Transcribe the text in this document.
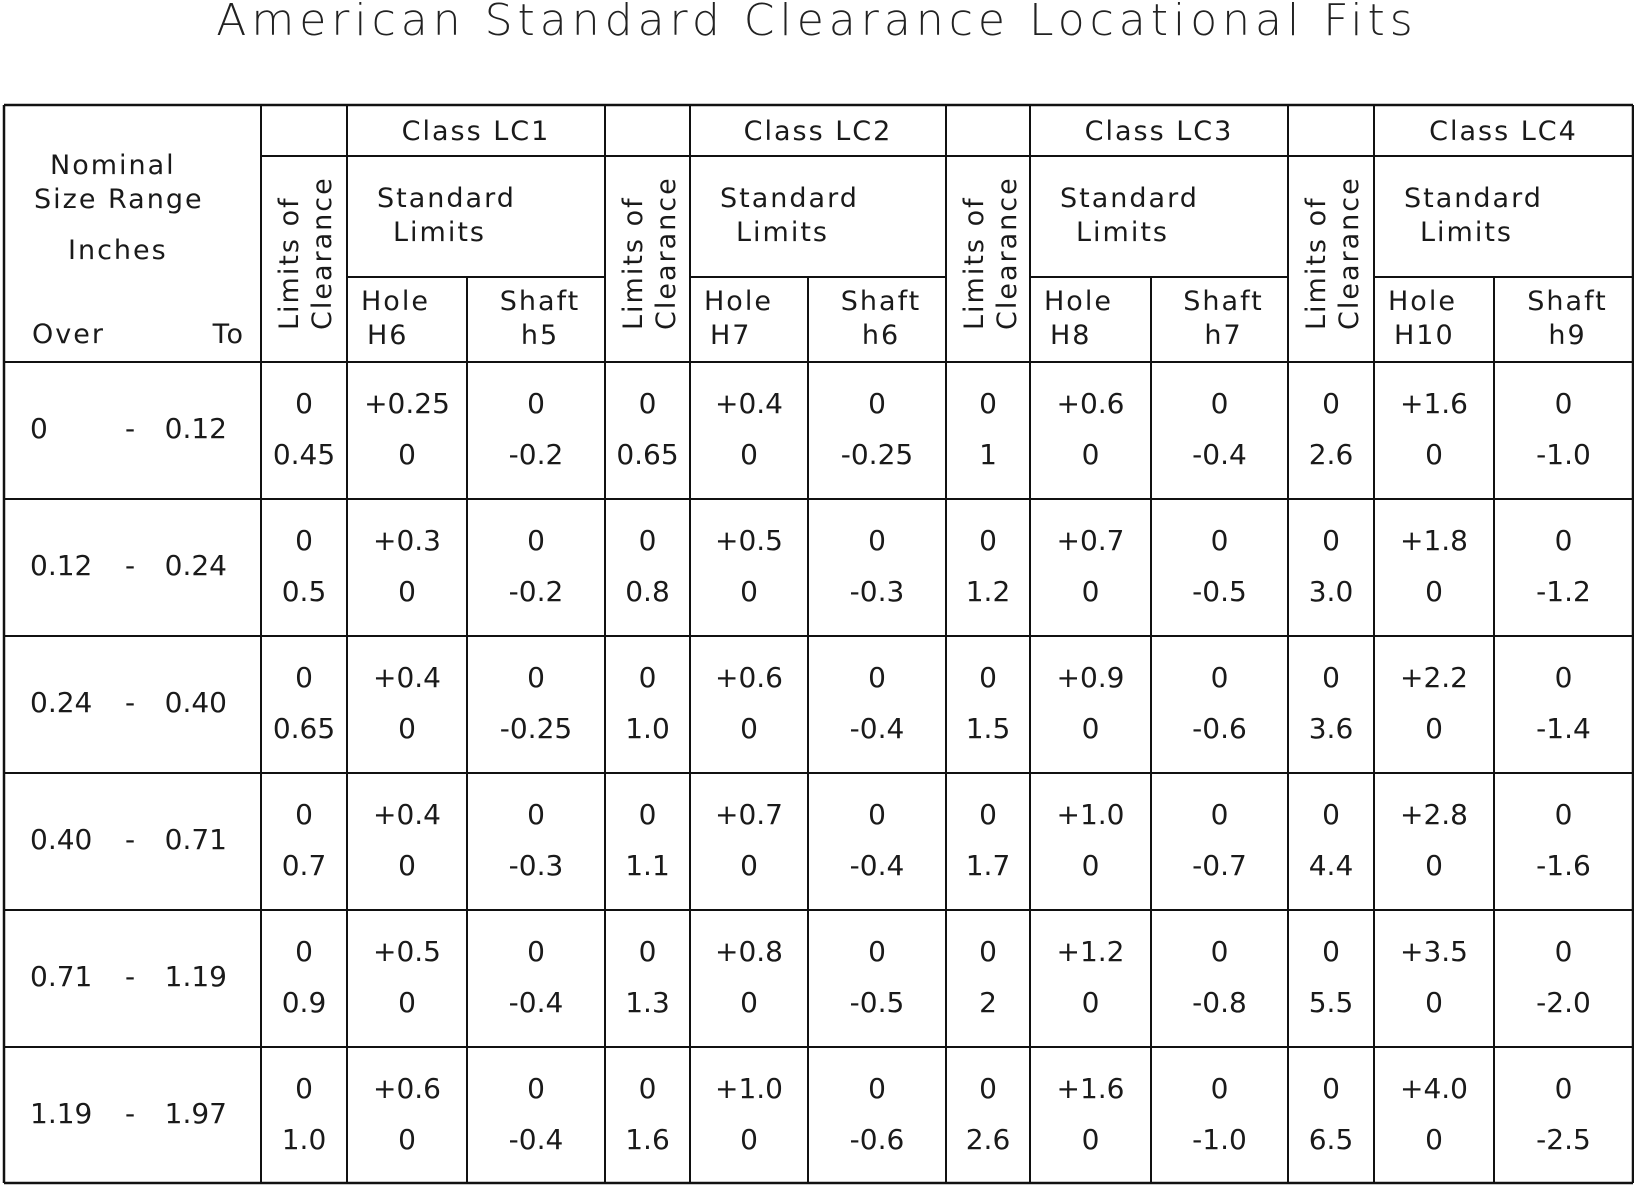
American Standard Clearance Locational Fits
Nominal
Size Range
Inches
Over	To
Class LC1
Standard
Limits
Hole
H6
Shaft
h5
Limits of Clearance
Class LC2
Standard
Limits
Hole
H7
Shaft
h6
Limits of Clearance
Class LC3
Standard
Limits
Hole
H8
Shaft
h7
Limits of Clearance
Class LC4
Standard
Limits
Hole
H10
Shaft
h9
Limits of Clearance
0	- 0.12
0
0.45
+0.25
0
0
-0.2
0
0.65
+0.4
0
0
-0.25
0
1
+0.6
0
0
-0.4
0
2.6
+1.6
0
0
-1.0
0.12 - 0.24
0
0.5
+0.3
0
0
-0.2
0
0.8
+0.5
0
0
-0.3
0
1.2
+0.7
0
0
-0.5
0
3.0
+1.8
0
0
-1.2
0.24 - 0.40
0
0.65
+0.4
0
0
-0.25
0
1.0
+0.6
0
0
-0.4
0
1.5
+0.9
0
0
-0.6
0
3.6
+2.2
0
0
-1.4
0.40 - 0.71
0
0.7
+0.4
0
0
-0.3
0
1.1
+0.7
0
0
-0.4
0
1.7
+1.0
0
0
-0.7
0
4.4
+2.8
0
0
-1.6
0.71 - 1.19
0
0.9
+0.5
0
0
-0.4
0
1.3
+0.8
0
0
-0.5
0
2
+1.2
0
0
-0.8
0
5.5
+3.5
0
0
-2.0
1.19 - 1.97
0
1.0
+0.6
0
0
-0.4
0
1.6
+1.0
0
0
-0.6
0
2.6
+1.6
0
0
-1.0
0
6.5
+4.0
0
0
-2.5
